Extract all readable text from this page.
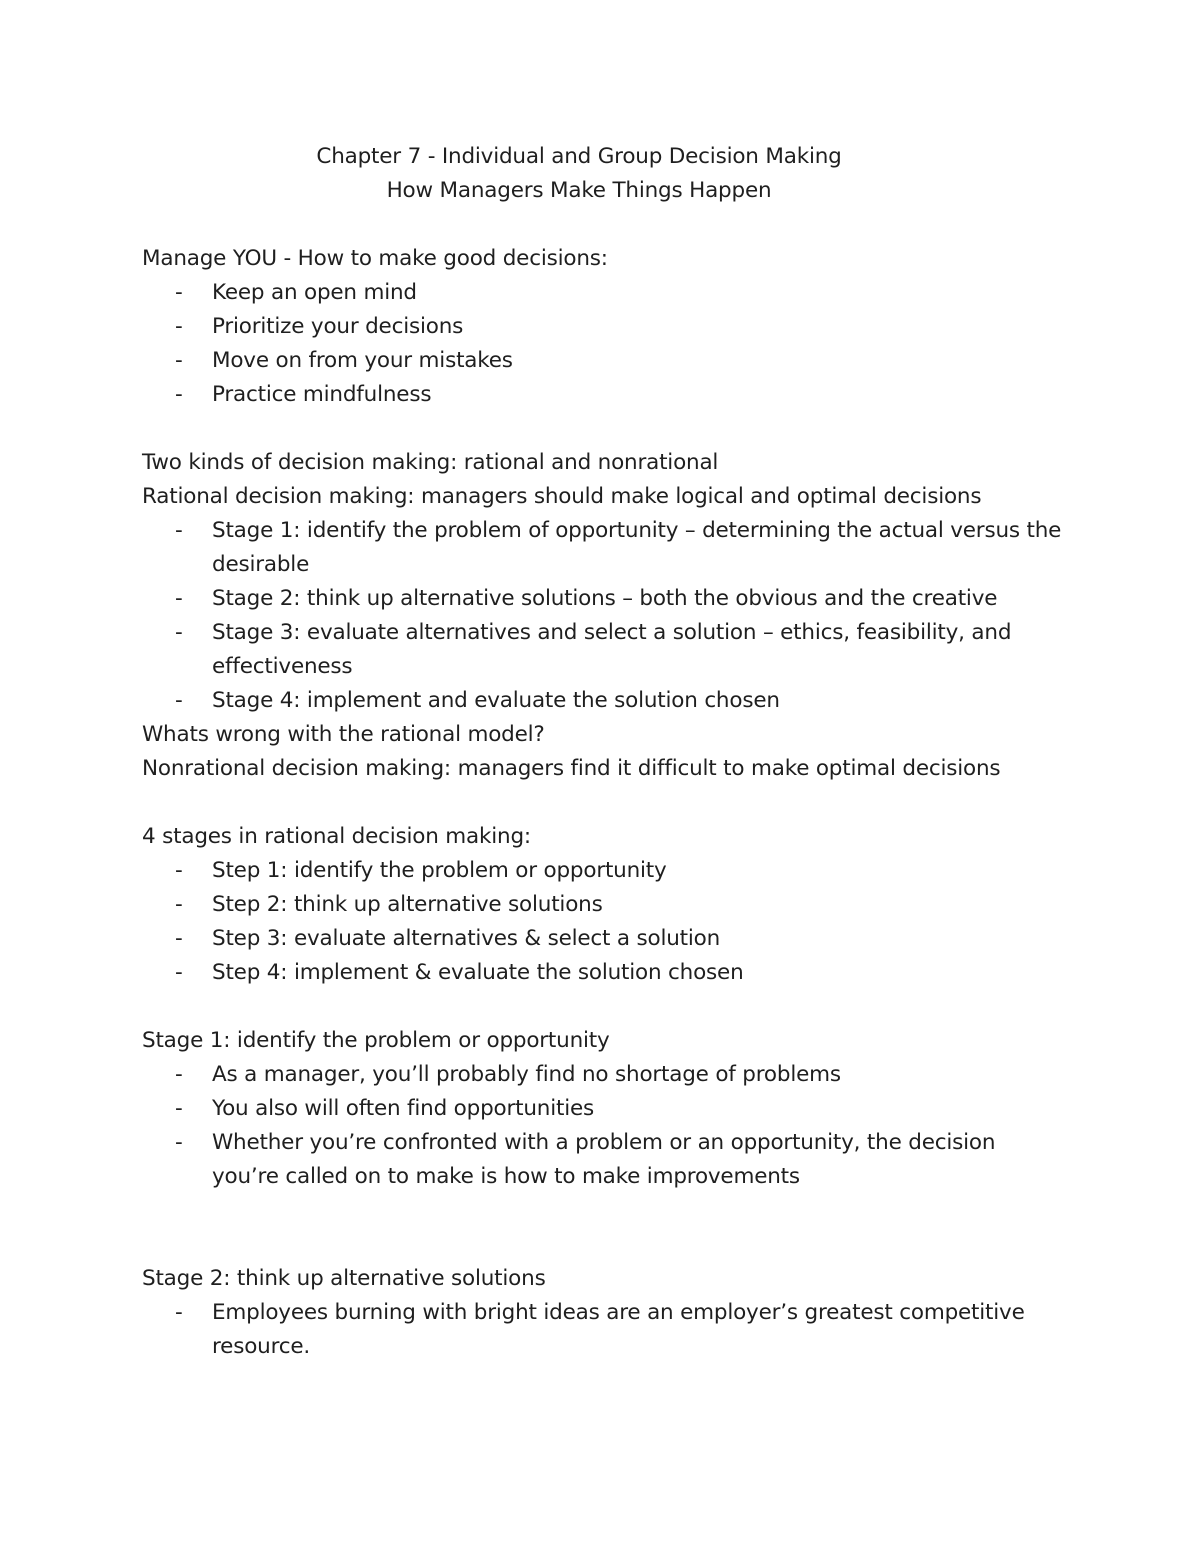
Chapter 7 - Individual and Group Decision Making

How Managers Make Things Happen

Manage YOU - How to make good decisions:

- Keep an open mind
- Prioritize your decisions
- Move on from your mistakes
- Practice mindfulness

Two kinds of decision making: rational and nonrational

Rational decision making: managers should make logical and optimal decisions

- Stage 1: identify the problem of opportunity – determining the actual versus the desirable
- Stage 2: think up alternative solutions – both the obvious and the creative
- Stage 3: evaluate alternatives and select a solution – ethics, feasibility, and effectiveness
- Stage 4: implement and evaluate the solution chosen

Whats wrong with the rational model?

Nonrational decision making: managers find it difficult to make optimal decisions

4 stages in rational decision making:

- Step 1: identify the problem or opportunity
- Step 2: think up alternative solutions
- Step 3: evaluate alternatives & select a solution
- Step 4: implement & evaluate the solution chosen

Stage 1: identify the problem or opportunity

- As a manager, you’ll probably find no shortage of problems
- You also will often find opportunities
- Whether you’re confronted with a problem or an opportunity, the decision you’re called on to make is how to make improvements

Stage 2: think up alternative solutions

- Employees burning with bright ideas are an employer’s greatest competitive resource.
